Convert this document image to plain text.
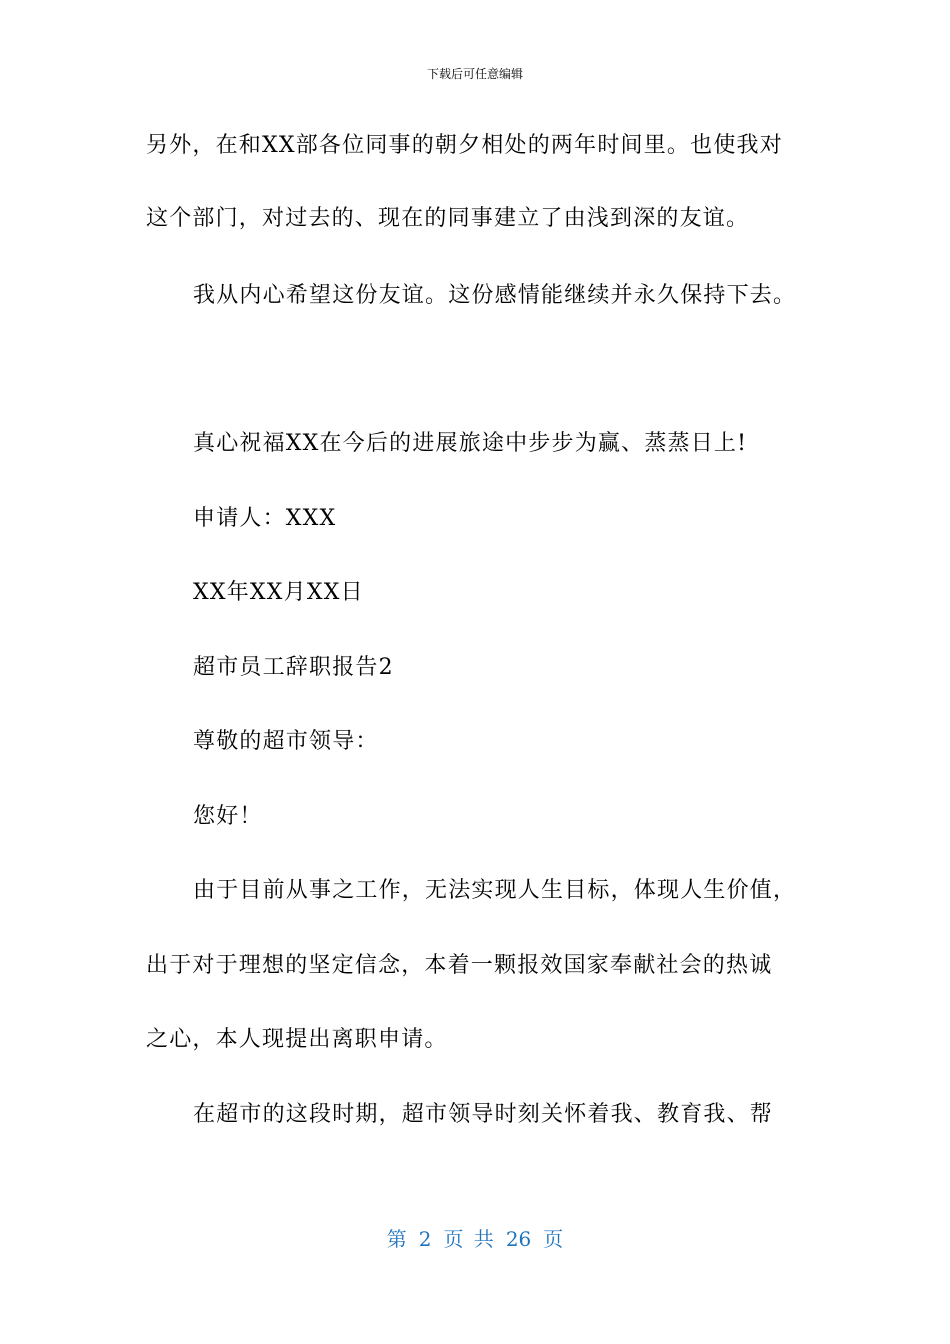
下载后可任意编辑
另外，在和XX部各位同事的朝夕相处的两年时间里。也使我对
这个部门，对过去的、现在的同事建立了由浅到深的友谊。
我从内心希望这份友谊。这份感情能继续并永久保持下去。
真心祝福XX在今后的进展旅途中步步为赢、蒸蒸日上!
申请人：XXX
XX年XX月XX日
超市员工辞职报告2
尊敬的超市领导：
您好！
由于目前从事之工作，无法实现人生目标，体现人生价值，
出于对于理想的坚定信念，本着一颗报效国家奉献社会的热诚
之心，本人现提出离职申请。
在超市的这段时期，超市领导时刻关怀着我、教育我、帮
第 2 页 共 26 页
